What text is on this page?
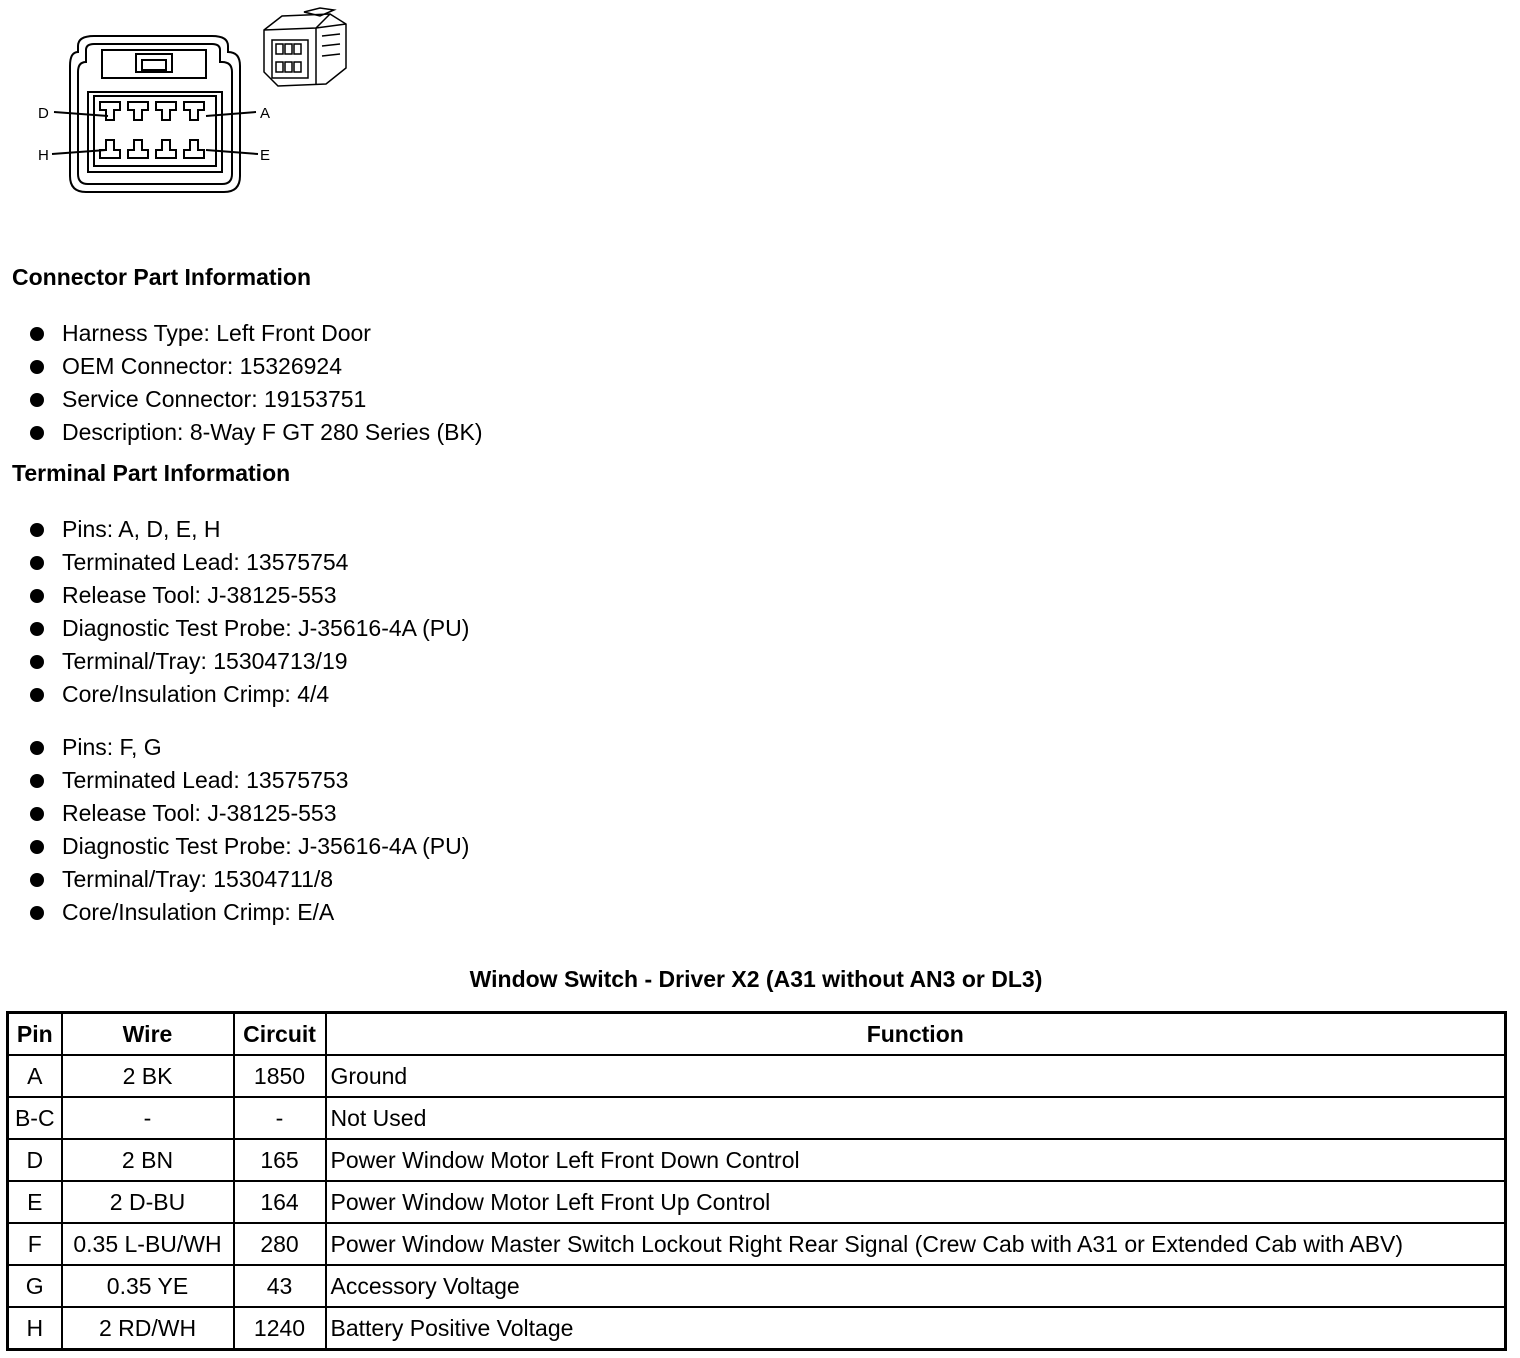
D	A
H	E
Connector Part Information
Harness Type: Left Front Door
OEM Connector: 15326924
Service Connector: 19153751
Description: 8-Way F GT 280 Series (BK)
Terminal Part Information
Pins: A, D, E, H
Terminated Lead: 13575754
Release Tool: J-38125-553
Diagnostic Test Probe: J-35616-4A (PU)
Terminal/Tray: 15304713/19
Core/Insulation Crimp: 4/4
Pins: F, G
Terminated Lead: 13575753
Release Tool: J-38125-553
Diagnostic Test Probe: J-35616-4A (PU)
Terminal/Tray: 15304711/8
Core/Insulation Crimp: E/A
Window Switch - Driver X2 (A31 without AN3 or DL3)
Pin	Wire	Circuit	Function
A	2 BK	1850	Ground
B-C	-	-	Not Used
D	2 BN	165	Power Window Motor Left Front Down Control
E	2 D-BU	164	Power Window Motor Left Front Up Control
F	0.35 L-BU/WH	280	Power Window Master Switch Lockout Right Rear Signal (Crew Cab with A31 or Extended Cab with ABV)
G	0.35 YE	43	Accessory Voltage
H	2 RD/WH	1240	Battery Positive Voltage
